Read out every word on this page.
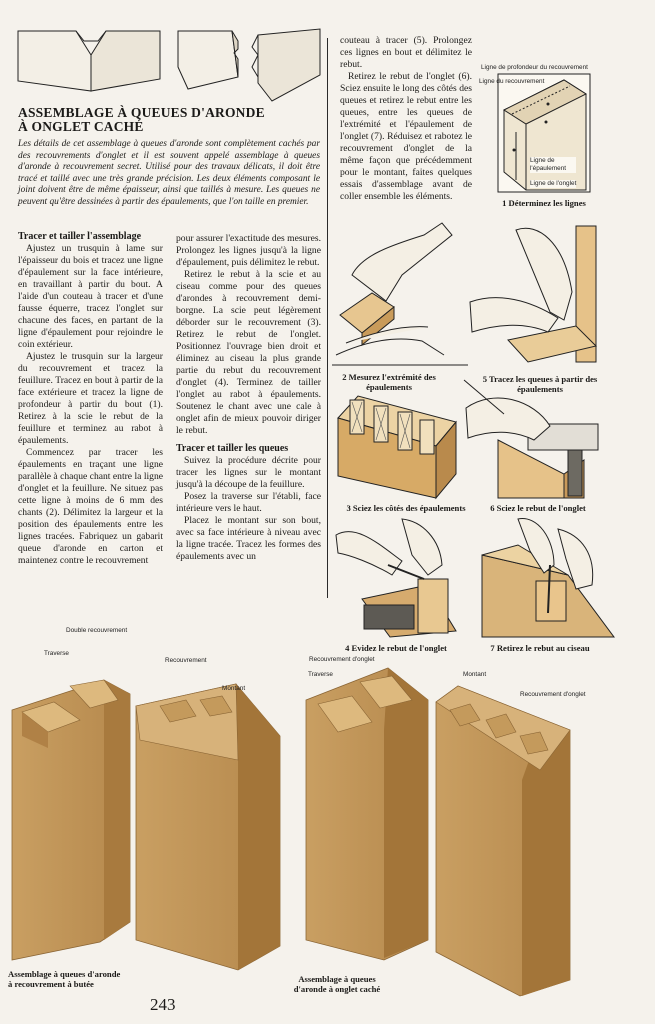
ASSEMBLAGE À QUEUES D'ARONDE
À ONGLET CACHÉ
Les détails de cet assemblage à queues d'aronde sont complètement cachés par des recouvrements d'onglet et il est souvent appelé assemblage à queues d'aronde à recouvrement secret. Utilisé pour des travaux délicats, il doit être tracé et taillé avec une très grande précision. Les deux éléments composant le joint doivent être de même épaisseur, ainsi que taillés à mesure. Les queues ne peuvent qu'être dessinées à partir des épaulements, que l'on taille en premier.
Tracer et tailler l'assemblage

Ajustez un trusquin à lame sur l'épaisseur du bois et tracez une ligne d'épaulement sur la face intérieure, en travaillant à partir du bout. A l'aide d'un couteau à tracer et d'une fausse équerre, tracez l'onglet sur chacune des faces, en partant de la ligne d'épaulement pour rejoindre le coin extérieur.

Ajustez le trusquin sur la largeur du recouvrement et tracez la feuillure. Tracez en bout à partir de la face extérieure et tracez la ligne de profondeur à partir du bout (1). Retirez à la scie le rebut de la feuillure et terminez au rabot à épaulements.

Commencez par tracer les épaulements en traçant une ligne parallèle à chaque chant entre la ligne d'onglet et la feuillure. Ne situez pas cette ligne à moins de 6 mm des chants (2). Délimitez la largeur et la position des épaulements entre les lignes tracées. Fabriquez un gabarit queue d'aronde en carton et maintenez contre le recouvrement

pour assurer l'exactitude des mesures. Prolongez les lignes jusqu'à la ligne d'épaulement, puis délimitez le rebut.

Retirez le rebut à la scie et au ciseau comme pour des queues d'arondes à recouvrement demi-borgne. La scie peut légèrement déborder sur le recouvrement (3). Retirez le rebut de l'onglet. Positionnez l'ouvrage bien droit et éliminez au ciseau la plus grande partie du rebut du recouvrement d'onglet (4). Terminez de tailler l'onglet au rabot à épaulements. Soutenez le chant avec une cale à onglet afin de mieux pouvoir diriger le rebut.

Tracer et tailler les queues

Suivez la procédure décrite pour tracer les lignes sur le montant jusqu'à la découpe de la feuillure.

Posez la traverse sur l'établi, face intérieure vers le haut.

Placez le montant sur son bout, avec sa face intérieure à niveau avec la ligne tracée. Tracez les formes des épaulements avec un

couteau à tracer (5). Prolongez ces lignes en bout et délimitez le rebut.

Retirez le rebut de l'onglet (6). Sciez ensuite le long des côtés des queues et retirez le rebut entre les queues, entre les queues de l'extrémité et l'épaulement de l'onglet (7). Réduisez et rabotez le recouvrement d'onglet de la même façon que précédemment pour le montant, faites quelques essais d'assemblage avant de coller ensemble les éléments.

Ligne de profondeur du recouvrement
Ligne du recouvrement
Ligne de l'épaulement
Ligne de l'onglet
1 Déterminez les lignes
2 Mesurez l'extrémité des épaulements
5 Tracez les queues à partir des épaulements
3 Sciez les côtés des épaulements	6 Sciez le rebut de l'onglet
4 Evidez le rebut de l'onglet	7 Retirez le rebut au ciseau
Double recouvrement
Traverse
Recouvrement
Montant
Recouvrement d'onglet
Traverse	Montant
Recouvrement d'onglet
Assemblage à queues d'aronde
à recouvrement à butée	Assemblage à queues
d'aronde à onglet caché
243
